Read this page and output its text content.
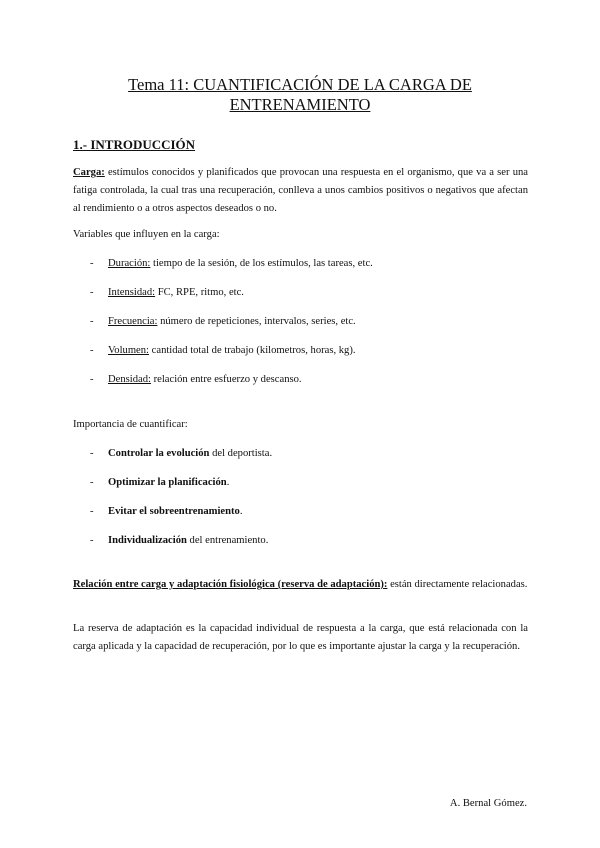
Tema 11: CUANTIFICACIÓN DE LA CARGA DE
ENTRENAMIENTO
1.- INTRODUCCIÓN
Carga: estímulos conocidos y planificados que provocan una respuesta en el organismo, que va a ser una fatiga controlada, la cual tras una recuperación, conlleva a unos cambios positivos o negativos que afectan al rendimiento o a otros aspectos deseados o no.
Variables que influyen en la carga:
- Duración: tiempo de la sesión, de los estímulos, las tareas, etc.
- Intensidad: FC, RPE, ritmo, etc.
- Frecuencia: número de repeticiones, intervalos, series, etc.
- Volumen: cantidad total de trabajo (kilometros, horas, kg).
- Densidad: relación entre esfuerzo y descanso.
Importancia de cuantificar:
- Controlar la evolución del deportista.
- Optimizar la planificación.
- Evitar el sobreentrenamiento.
- Individualización del entrenamiento.
Relación entre carga y adaptación fisiológica (reserva de adaptación): están directamente relacionadas.
La reserva de adaptación es la capacidad individual de respuesta a la carga, que está relacionada con la carga aplicada y la capacidad de recuperación, por lo que es importante ajustar la carga y la recuperación.
A. Bernal Gómez.
